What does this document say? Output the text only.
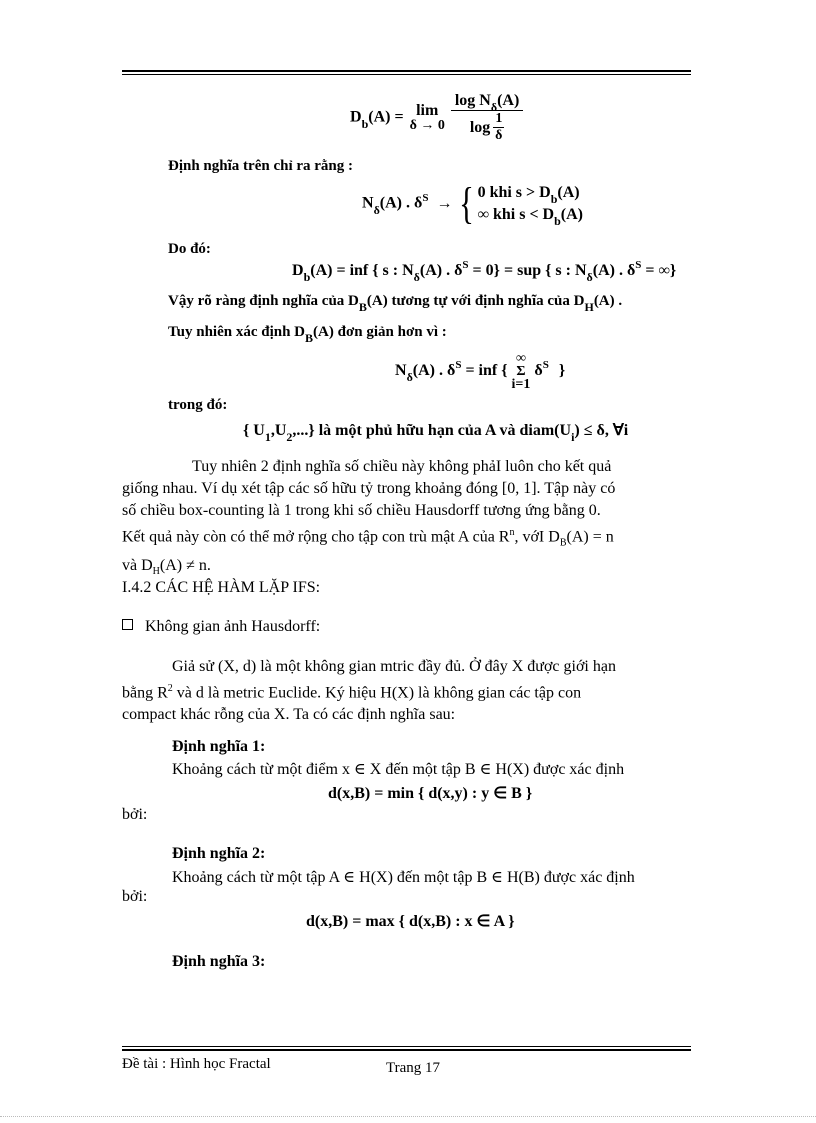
$D_b(A) = \lim$
δ → 0
$\frac{\log N_\delta(A)}{\log \frac{1}{\delta}}$
Định nghĩa trên chỉ ra rằng :
$N_\delta(A)$ . $\delta^S$ → { 0 khi $s > D_b(A)$
∞ khi $s < D_b(A)$
Do đó:
$D_b(A)$ = inf { s : $N_\delta(A)$ . $\delta^S = 0$} = sup { s : $N_\delta(A)$ . $\delta^S$ = ∞}
Vậy rõ ràng định nghĩa của $D_B(A)$ tương tự với định nghĩa của $D_H(A)$ .
Tuy nhiên xác định $D_B(A)$ đơn giản hơn vì :
$N_\delta(A)$ . $\delta^S$ = inf {
∞
Σ
i=1
$\delta^S$ }
trong đó:
{ $U_1,U_2$,...} là một phủ hữu hạn của A và $diam(U_i) \le \delta$, ∀i
Tuy nhiên 2 định nghĩa số chiều này không phảI luôn cho kết quả
giống nhau. Ví dụ xét tập các số hữu tỷ trong khoảng đóng [0, 1]. Tập này có
số chiều box-counting là 1 trong khi số chiều Hausdorff tương ứng bằng 0.
Kết quả này còn có thể mở rộng cho tập con trù mật A của $R^n$, vớI $D_B(A) = n$
và $D_H(A) \ne n$.
I.4.2 CÁC HỆ HÀM LẶP IFS:
Không gian ảnh Hausdorff:
Giả sử (X, d) là một không gian mtric đầy đủ. Ở đây X được giới hạn
bằng $R^2$ và d là metric Euclide. Ký hiệu H(X) là không gian các tập con
compact khác rỗng của X. Ta có các định nghĩa sau:
Định nghĩa 1:
Khoảng cách từ một điểm x ∈ X đến một tập B ∈ H(X) được xác định
d(x,B) = min { d(x,y) : y ∈ B }
bởi:
Định nghĩa 2:
Khoảng cách từ một tập A ∈ H(X) đến một tập B ∈ H(B) được xác định
bởi:
d(x,B) = max { d(x,B) : x ∈ A }
Định nghĩa 3:
Đề tài : Hình học Fractal	Trang 17
